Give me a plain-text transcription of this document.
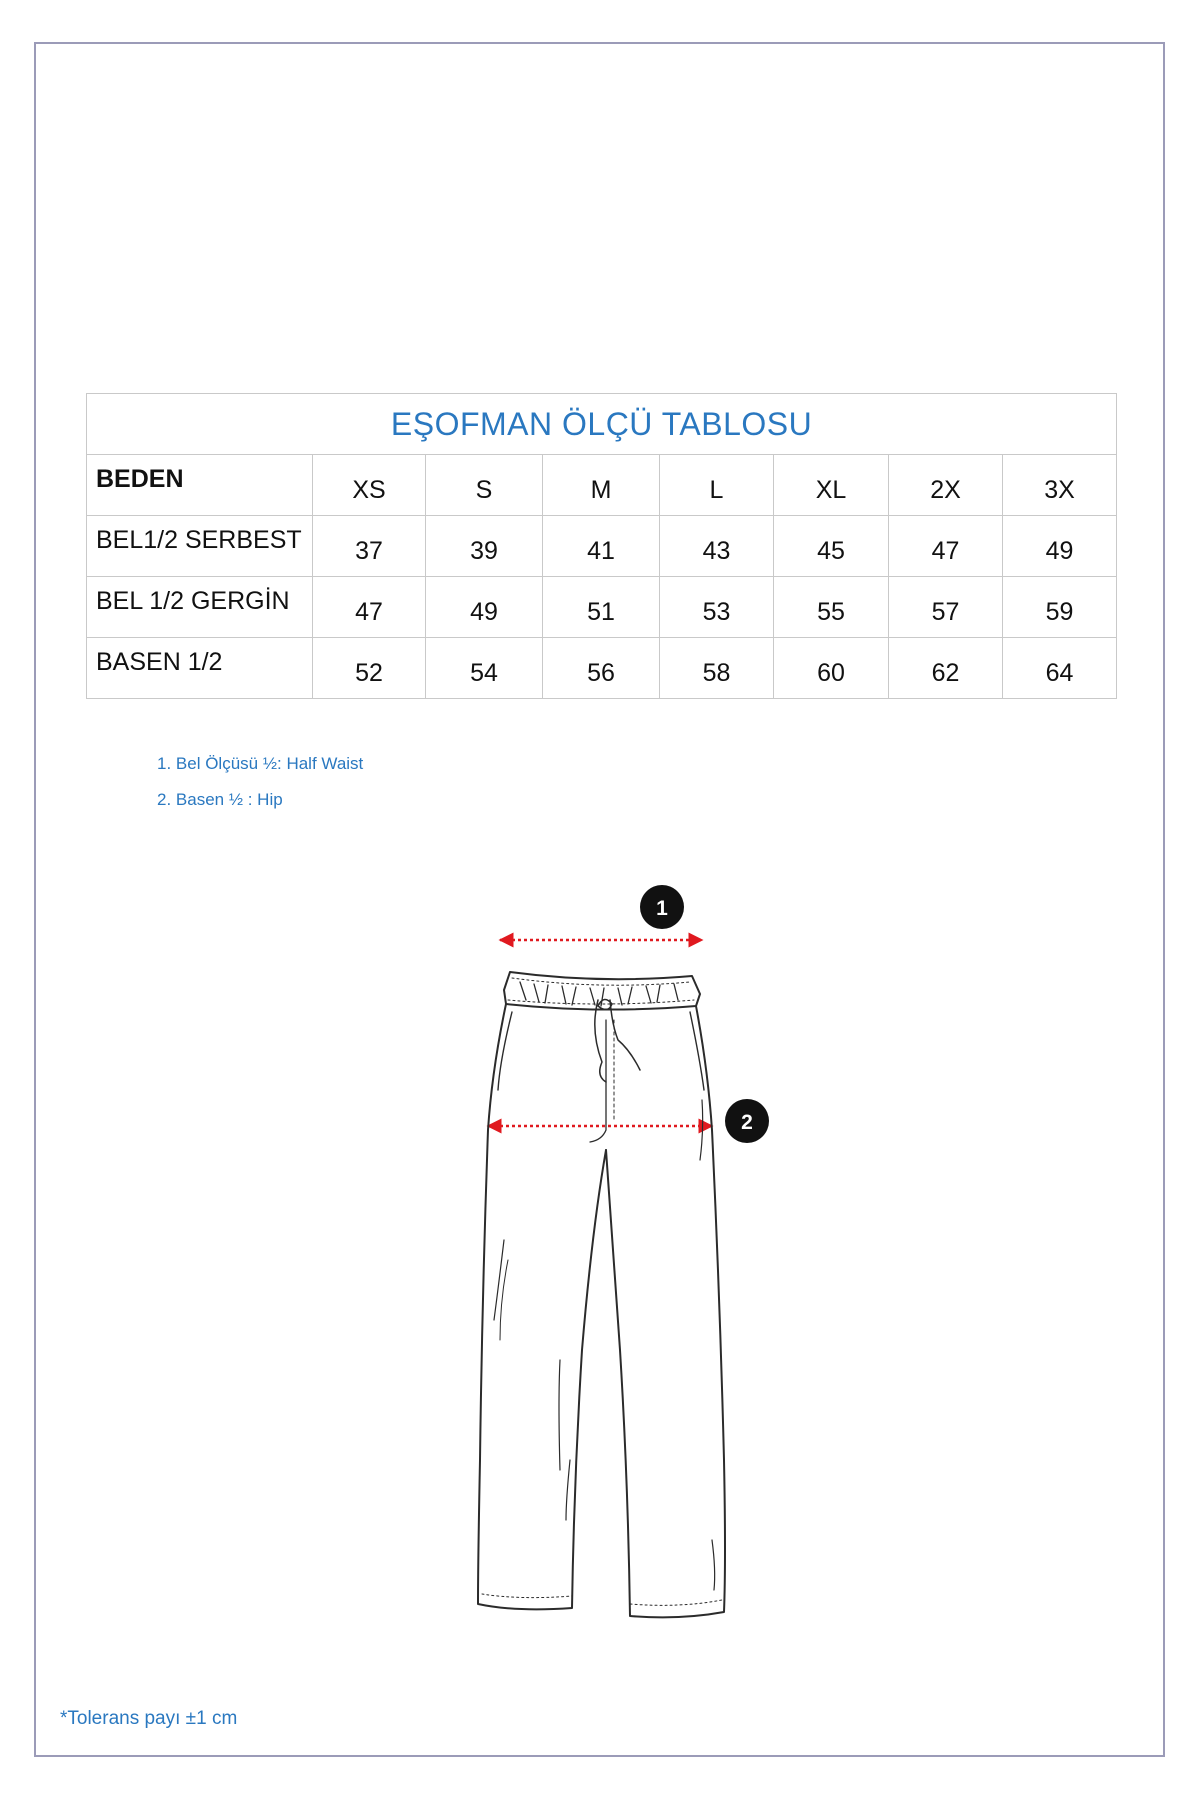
EŞOFMAN ÖLÇÜ TABLOSU							
BEDEN	XS	S	M	L	XL	2X	3X
BEL1/2 SERBEST	37	39	41	43	45	47	49
BEL 1/2 GERGİN	47	49	51	53	55	57	59
BASEN 1/2	52	54	56	58	60	62	64
1. Bel Ölçüsü ½: Half Waist
2. Basen ½ : Hip
1
2
*Tolerans payı ±1 cm
